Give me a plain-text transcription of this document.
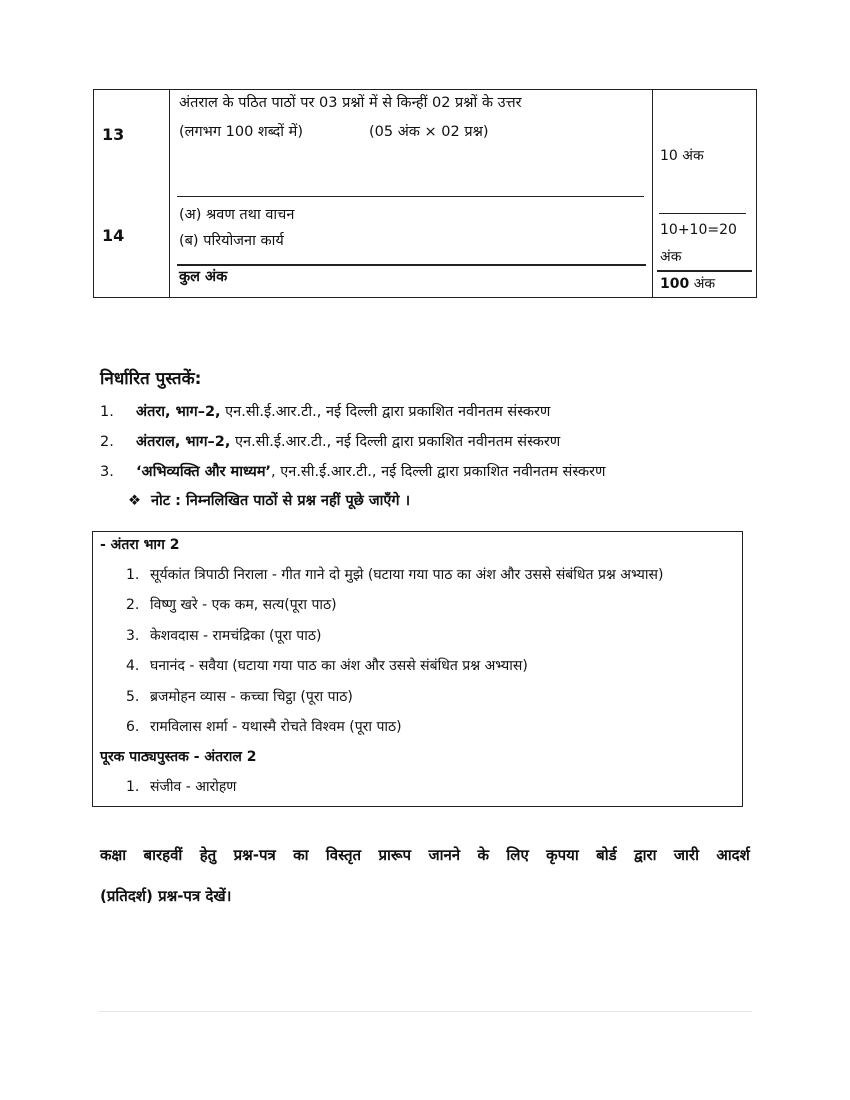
13
अंतराल के पठित पाठों पर 03 प्रश्नों में से किन्हीं 02 प्रश्नों के उत्तर
(लगभग 100 शब्दों में)	(05 अंक × 02 प्रश्न)
10 अंक
14
(अ) श्रवण तथा वाचन
(ब) परियोजना कार्य
10+10=20
अंक
कुल अंक	100 अंक
निर्धारित पुस्तकें:
1. अंतरा, भाग–2, एन.सी.ई.आर.टी., नई दिल्ली द्वारा प्रकाशित नवीनतम संस्करण
2. अंतराल, भाग–2, एन.सी.ई.आर.टी., नई दिल्ली द्वारा प्रकाशित नवीनतम संस्करण
3. ‘अभिव्यक्ति और माध्यम’, एन.सी.ई.आर.टी., नई दिल्ली द्वारा प्रकाशित नवीनतम संस्करण
❖ नोट : निम्नलिखित पाठों से प्रश्न नहीं पूछे जाएँगे ।
- अंतरा भाग 2
1. सूर्यकांत त्रिपाठी निराला - गीत गाने दो मुझे (घटाया गया पाठ का अंश और उससे संबंधित प्रश्न अभ्यास)
2. विष्णु खरे - एक कम, सत्य(पूरा पाठ)
3. केशवदास - रामचंद्रिका (पूरा पाठ)
4. घनानंद - सवैया (घटाया गया पाठ का अंश और उससे संबंधित प्रश्न अभ्यास)
5. ब्रजमोहन व्यास - कच्चा चिट्ठा (पूरा पाठ)
6. रामविलास शर्मा - यथास्मै रोचते विश्वम (पूरा पाठ)
पूरक पाठ्यपुस्तक - अंतराल 2
1. संजीव - आरोहण
कक्षा बारहवीं हेतु प्रश्न-पत्र का विस्तृत प्रारूप जानने के लिए कृपया बोर्ड द्वारा जारी आदर्श
(प्रतिदर्श) प्रश्न-पत्र देखें।
